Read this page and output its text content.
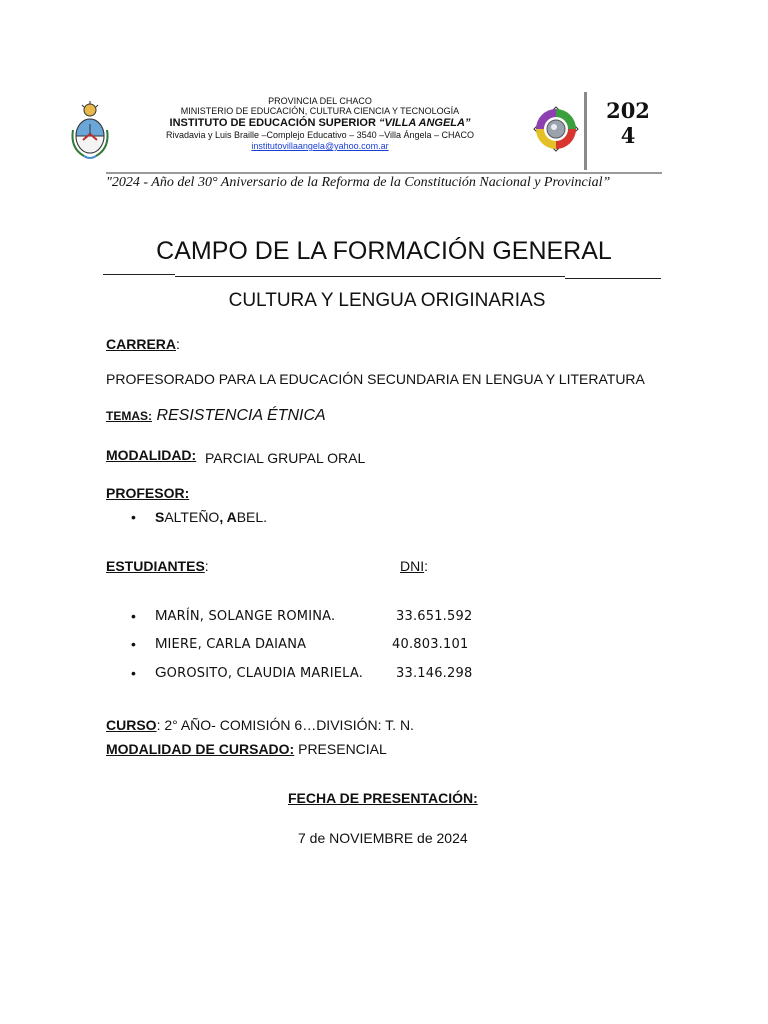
PROVINCIA DEL CHACO
MINISTERIO DE EDUCACIÓN, CULTURA CIENCIA Y TECNOLOGÍA
INSTITUTO DE EDUCACIÓN SUPERIOR “VILLA ANGELA”
Rivadavia y Luis Braille –Complejo Educativo – 3540 –Villa Ángela – CHACO
institutovillaangela@yahoo.com.ar
202
4
"2024 - Año del 30° Aniversario de la Reforma de la Constitución Nacional y Provincial”
CAMPO DE LA FORMACIÓN GENERAL
CULTURA Y LENGUA ORIGINARIAS
CARRERA:
PROFESORADO PARA LA EDUCACIÓN SECUNDARIA EN LENGUA Y LITERATURA
TEMAS: RESISTENCIA ÉTNICA
MODALIDAD: PARCIAL GRUPAL ORAL
PROFESOR:
• SALTEÑO, ABEL.
ESTUDIANTES:	DNI:
• MARÍN, SOLANGE ROMINA.	33.651.592
• MIERE, CARLA DAIANA	40.803.101
• GOROSITO, CLAUDIA MARIELA.	33.146.298
CURSO: 2° AÑO- COMISIÓN 6…DIVISIÓN: T. N.
MODALIDAD DE CURSADO: PRESENCIAL
FECHA DE PRESENTACIÓN:
7 de NOVIEMBRE de 2024
